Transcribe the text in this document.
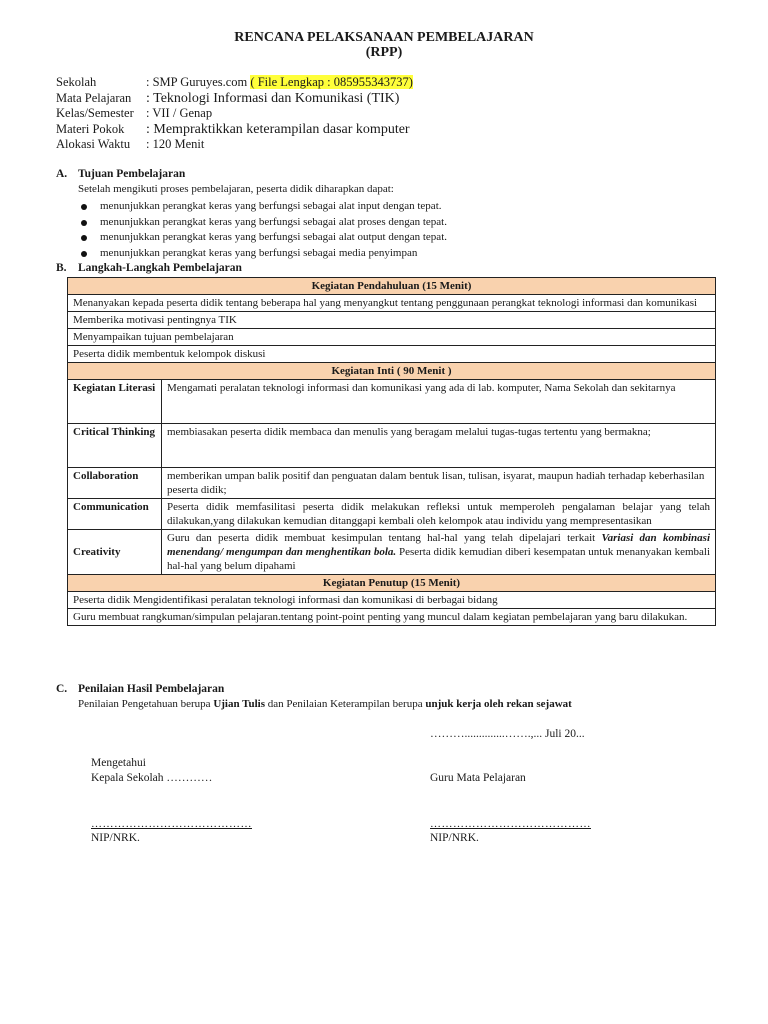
RENCANA PELAKSANAAN PEMBELAJARAN
(RPP)
Sekolah	: SMP Guruyes.com ( File Lengkap : 085955343737)
Mata Pelajaran	: Teknologi Informasi dan Komunikasi (TIK)
Kelas/Semester : VII / Genap
Materi Pokok	: Mempraktikkan keterampilan dasar komputer
Alokasi Waktu	: 120 Menit
A. Tujuan Pembelajaran
Setelah mengikuti proses pembelajaran, peserta didik diharapkan dapat:
menunjukkan perangkat keras yang berfungsi sebagai alat input dengan tepat.
menunjukkan perangkat keras yang berfungsi sebagai alat proses dengan tepat.
menunjukkan perangkat keras yang berfungsi sebagai alat output dengan tepat.
menunjukkan perangkat keras yang berfungsi sebagai media penyimpan
B. Langkah-Langkah Pembelajaran
Kegiatan Pendahuluan (15 Menit)	
Menanyakan kepada peserta didik tentang beberapa hal yang menyangkut tentang penggunaan perangkat teknologi informasi dan komunikasi	
Memberika motivasi pentingnya TIK	
Menyampaikan tujuan pembelajaran	
Peserta didik membentuk kelompok diskusi	
Kegiatan Inti ( 90 Menit )	
Kegiatan Literasi	Mengamati peralatan teknologi informasi dan komunikasi yang ada di lab. komputer, Nama Sekolah dan sekitarnya
Critical Thinking	membiasakan peserta didik membaca dan menulis yang beragam melalui tugas-tugas tertentu yang bermakna;
Collaboration	memberikan umpan balik positif dan penguatan dalam bentuk lisan, tulisan, isyarat, maupun hadiah terhadap keberhasilan peserta didik;
Communication	Peserta didik memfasilitasi peserta didik melakukan refleksi untuk memperoleh pengalaman belajar yang telah dilakukan,yang dilakukan kemudian ditanggapi kembali oleh kelompok atau individu yang mempresentasikan
Creativity	Guru dan peserta didik membuat kesimpulan tentang hal-hal yang telah dipelajari terkait Variasi dan kombinasi menendang/ mengumpan dan menghentikan bola. Peserta didik kemudian diberi kesempatan untuk menanyakan kembali hal-hal yang belum dipahami
Kegiatan Penutup (15 Menit)	
Peserta didik Mengidentifikasi peralatan teknologi informasi dan komunikasi di berbagai bidang	
Guru membuat rangkuman/simpulan pelajaran.tentang point-point penting yang muncul dalam kegiatan pembelajaran yang baru dilakukan.	
C. Penilaian Hasil Pembelajaran
Penilaian Pengetahuan berupa Ujian Tulis dan Penilaian Keterampilan berupa unjuk kerja oleh rekan sejawat
………..............…….,... Juli 20...
Mengetahui
Kepala Sekolah …………	Guru Mata Pelajaran
……………………………………	……………………………………
NIP/NRK.	NIP/NRK.
